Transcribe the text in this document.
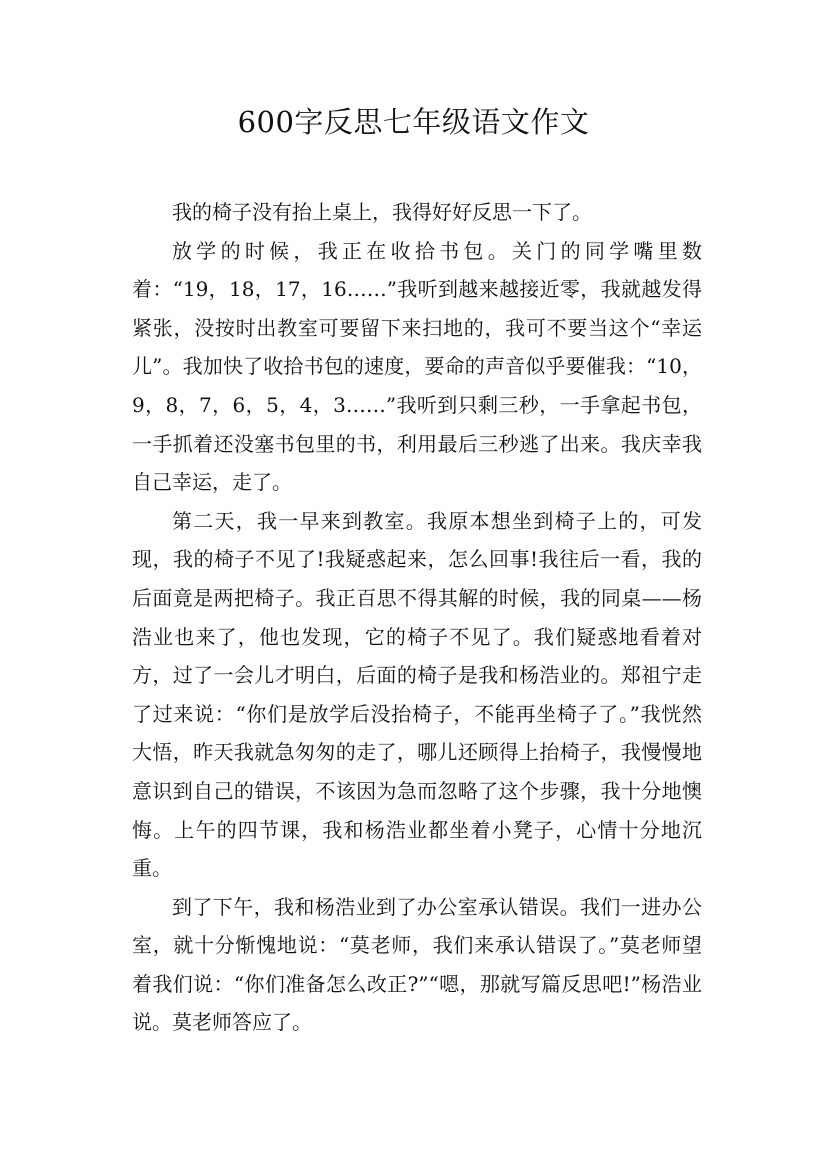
600字反思七年级语文作文

我的椅子没有抬上桌上，我得好好反思一下了。

放学的时候，我正在收拾书包。关门的同学嘴里数着：“19，18，17，16……”我听到越来越接近零，我就越发得紧张，没按时出教室可要留下来扫地的，我可不要当这个“幸运儿”。我加快了收拾书包的速度，要命的声音似乎要催我：“10，9，8，7，6，5，4，3……”我听到只剩三秒，一手拿起书包，一手抓着还没塞书包里的书，利用最后三秒逃了出来。我庆幸我自己幸运，走了。

第二天，我一早来到教室。我原本想坐到椅子上的，可发现，我的椅子不见了!我疑惑起来，怎么回事!我往后一看，我的后面竟是两把椅子。我正百思不得其解的时候，我的同桌——杨浩业也来了，他也发现，它的椅子不见了。我们疑惑地看着对方，过了一会儿才明白，后面的椅子是我和杨浩业的。郑祖宁走了过来说：“你们是放学后没抬椅子，不能再坐椅子了。”我恍然大悟，昨天我就急匆匆的走了，哪儿还顾得上抬椅子，我慢慢地意识到自己的错误，不该因为急而忽略了这个步骤，我十分地懊悔。上午的四节课，我和杨浩业都坐着小凳子，心情十分地沉重。

到了下午，我和杨浩业到了办公室承认错误。我们一进办公室，就十分惭愧地说：“莫老师，我们来承认错误了。”莫老师望着我们说：“你们准备怎么改正?”“嗯，那就写篇反思吧!”杨浩业说。莫老师答应了。
